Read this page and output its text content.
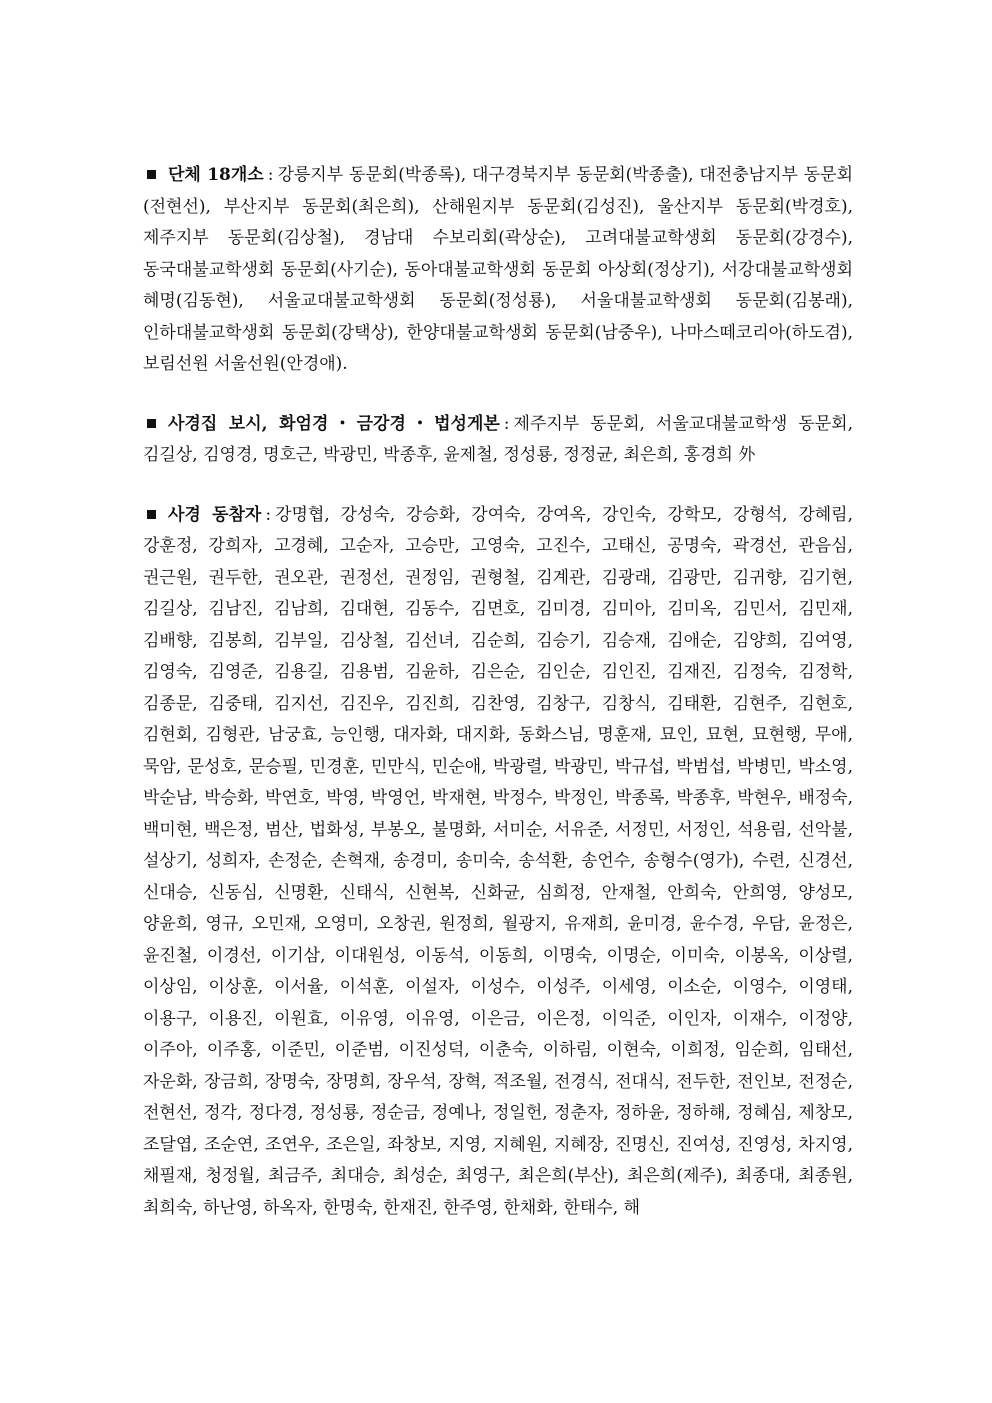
단체 18개소 : 강릉지부 동문회(박종록), 대구경북지부 동문회(박종출), 대전충남지부 동문회(전현선), 부산지부 동문회(최은희), 산해원지부 동문회(김성진), 울산지부 동문회(박경호), 제주지부 동문회(김상철), 경남대 수보리회(곽상순), 고려대불교학생회 동문회(강경수), 동국대불교학생회 동문회(사기순), 동아대불교학생회 동문회 아상회(정상기), 서강대불교학생회 혜명(김동현), 서울교대불교학생회 동문회(정성룡), 서울대불교학생회 동문회(김봉래), 인하대불교학생회 동문회(강택상), 한양대불교학생회 동문회(남중우), 나마스떼코리아(하도겸), 보림선원 서울선원(안경애).

사경집 보시, 화엄경・금강경・법성게본 : 제주지부 동문회, 서울교대불교학생 동문회, 김길상, 김영경, 명호근, 박광민, 박종후, 윤제철, 정성룡, 정정균, 최은희, 홍경희 外

사경 동참자 : 강명협, 강성숙, 강승화, 강여숙, 강여옥, 강인숙, 강학모, 강형석, 강혜림, 강훈정, 강희자, 고경혜, 고순자, 고승만, 고영숙, 고진수, 고태신, 공명숙, 곽경선, 관음심, 권근원, 권두한, 권오관, 권정선, 권정임, 권형철, 김계관, 김광래, 김광만, 김귀향, 김기현, 김길상, 김남진, 김남희, 김대현, 김동수, 김면호, 김미경, 김미아, 김미옥, 김민서, 김민재, 김배향, 김봉희, 김부일, 김상철, 김선녀, 김순희, 김승기, 김승재, 김애순, 김양희, 김여영, 김영숙, 김영준, 김용길, 김용범, 김윤하, 김은순, 김인순, 김인진, 김재진, 김정숙, 김정학, 김종문, 김중태, 김지선, 김진우, 김진희, 김찬영, 김창구, 김창식, 김태환, 김현주, 김현호, 김현회, 김형관, 남궁효, 능인행, 대자화, 대지화, 동화스님, 명훈재, 묘인, 묘현, 묘현행, 무애, 묵암, 문성호, 문승필, 민경훈, 민만식, 민순애, 박광렬, 박광민, 박규섭, 박범섭, 박병민, 박소영, 박순남, 박승화, 박연호, 박영, 박영언, 박재현, 박정수, 박정인, 박종록, 박종후, 박현우, 배정숙, 백미현, 백은정, 범산, 법화성, 부봉오, 불명화, 서미순, 서유준, 서정민, 서정인, 석용림, 선악불, 설상기, 성희자, 손정순, 손혁재, 송경미, 송미숙, 송석환, 송언수, 송형수(영가), 수련, 신경선, 신대승, 신동심, 신명환, 신태식, 신현복, 신화균, 심희정, 안재철, 안희숙, 안희영, 양성모, 양윤희, 영규, 오민재, 오영미, 오창권, 원정희, 월광지, 유재희, 윤미경, 윤수경, 우담, 윤정은, 윤진철, 이경선, 이기삼, 이대원성, 이동석, 이동희, 이명숙, 이명순, 이미숙, 이봉옥, 이상렬, 이상임, 이상훈, 이서율, 이석훈, 이설자, 이성수, 이성주, 이세영, 이소순, 이영수, 이영태, 이용구, 이용진, 이원효, 이유영, 이유영, 이은금, 이은정, 이익준, 이인자, 이재수, 이정양, 이주아, 이주홍, 이준민, 이준범, 이진성덕, 이춘숙, 이하림, 이현숙, 이희정, 임순희, 임태선, 자운화, 장금희, 장명숙, 장명희, 장우석, 장혁, 적조월, 전경식, 전대식, 전두한, 전인보, 전정순, 전현선, 정각, 정다경, 정성룡, 정순금, 정예나, 정일헌, 정춘자, 정하윤, 정하해, 정혜심, 제창모, 조달엽, 조순연, 조연우, 조은일, 좌창보, 지영, 지혜원, 지혜장, 진명신, 진여성, 진영성, 차지영, 채필재, 청정월, 최금주, 최대승, 최성순, 최영구, 최은희(부산), 최은희(제주), 최종대, 최종원, 최희숙, 하난영, 하옥자, 한명숙, 한재진, 한주영, 한채화, 한태수, 해
